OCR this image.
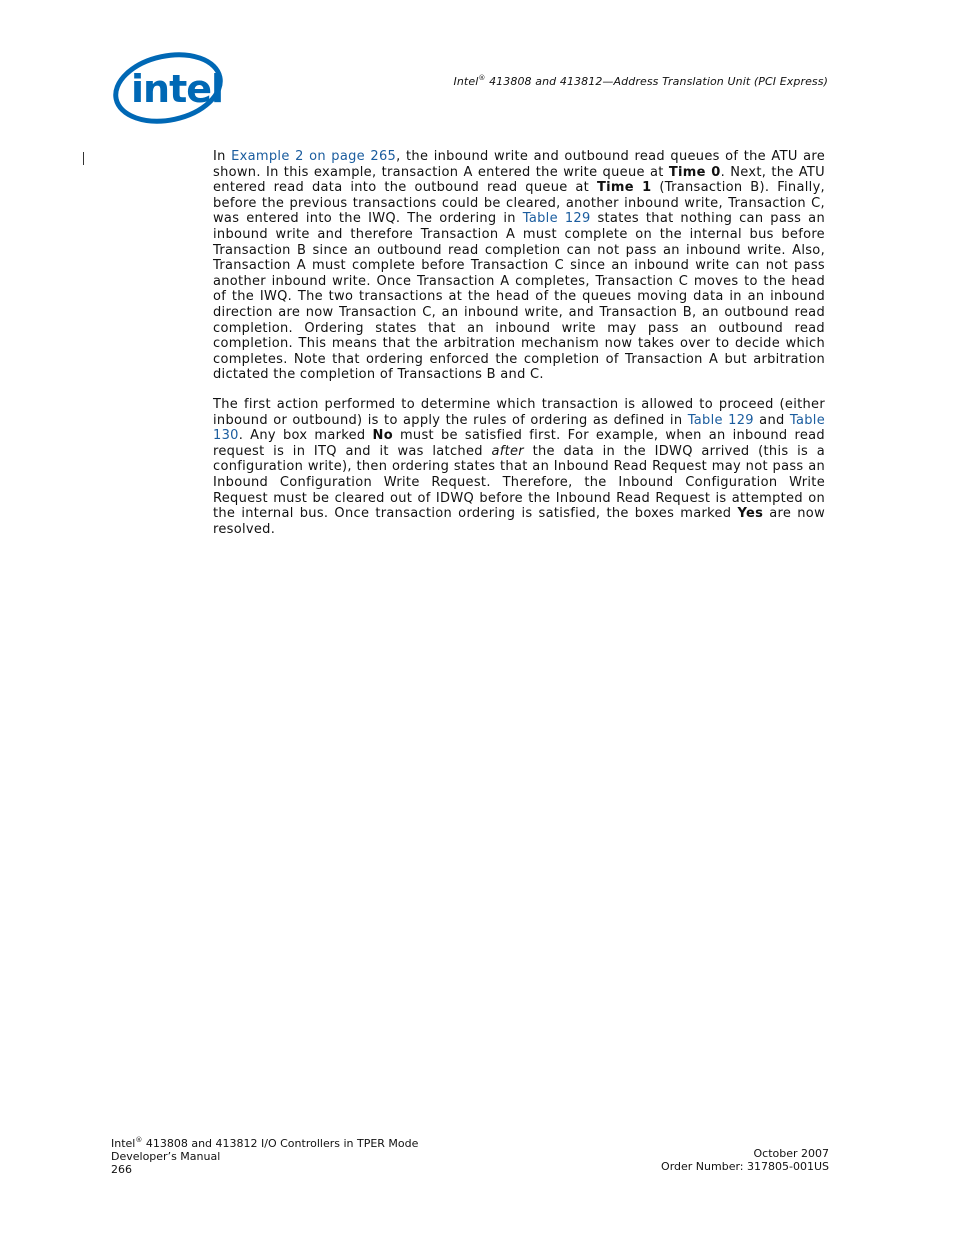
intel	Intel® 413808 and 413812—Address Translation Unit (PCI Express)
In Example 2 on page 265, the inbound write and outbound read queues of the ATU are shown. In this example, transaction A entered the write queue at Time 0. Next, the ATU entered read data into the outbound read queue at Time 1 (Transaction B). Finally, before the previous transactions could be cleared, another inbound write, Transaction C, was entered into the IWQ. The ordering in Table 129 states that nothing can pass an inbound write and therefore Transaction A must complete on the internal bus before Transaction B since an outbound read completion can not pass an inbound write. Also, Transaction A must complete before Transaction C since an inbound write can not pass another inbound write. Once Transaction A completes, Transaction C moves to the head of the IWQ. The two transactions at the head of the queues moving data in an inbound direction are now Transaction C, an inbound write, and Transaction B, an outbound read completion. Ordering states that an inbound write may pass an outbound read completion. This means that the arbitration mechanism now takes over to decide which completes. Note that ordering enforced the completion of Transaction A but arbitration dictated the completion of Transactions B and C.
The first action performed to determine which transaction is allowed to proceed (either inbound or outbound) is to apply the rules of ordering as defined in Table 129 and Table 130. Any box marked No must be satisfied first. For example, when an inbound read request is in ITQ and it was latched after the data in the IDWQ arrived (this is a configuration write), then ordering states that an Inbound Read Request may not pass an Inbound Configuration Write Request. Therefore, the Inbound Configuration Write Request must be cleared out of IDWQ before the Inbound Read Request is attempted on the internal bus. Once transaction ordering is satisfied, the boxes marked Yes are now resolved.
Intel® 413808 and 413812 I/O Controllers in TPER Mode
Developer’s Manual
266
October 2007
Order Number: 317805-001US
